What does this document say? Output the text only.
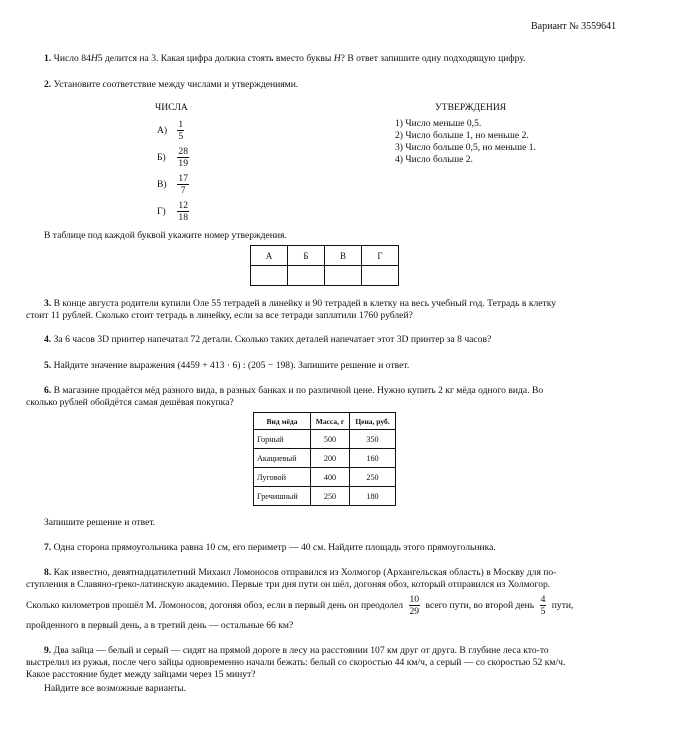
Вариант № 3559641
1. Число 84H5 делится на 3. Какая цифра должна стоять вместо буквы H? В ответ запишите одну подходящую цифру.
2. Установите соответствие между числами и утверждениями.
ЧИСЛА	УТВЕРЖДЕНИЯ
$А) \frac{1}{5}$
$Б) \frac{28}{19}$
$В) \frac{17}{7}$
$Г) \frac{12}{18}$
1) Число меньше 0,5.
2) Число больше 1, но меньше 2.
3) Число больше 0,5, но меньше 1.
4) Число больше 2.
В таблице под каждой буквой укажите номер утверждения.
А	Б	В	Г

3. В конце августа родители купили Оле 55 тетрадей в линейку и 90 тетрадей в клетку на весь учебный год. Тетрадь в клетку
стоит 11 рублей. Сколько стоит тетрадь в линейку, если за все тетради заплатили 1760 рублей?
4. За 6 часов 3D принтер напечатал 72 детали. Сколько таких деталей напечатает этот 3D принтер за 8 часов?
5. Найдите значение выражения (4459 + 413 · 6) : (205 − 198). Запишите решение и ответ.
6. В магазине продаётся мёд разного вида, в разных банках и по различной цене. Нужно купить 2 кг мёда одного вида. Во
сколько рублей обойдётся самая дешёвая покупка?
Вид мёда	Масса, г	Цена, руб.
Горный	500	350
Акациевый	200	160
Луговой	400	250
Гречишный	250	180
Запишите решение и ответ.
7. Одна сторона прямоугольника равна 10 см, его периметр — 40 см. Найдите площадь этого прямоугольника.
8. Как известно, девятнадцатилетний Михаил Ломоносов отправился из Холмогор (Архангельская область) в Москву для по-
ступления в Славяно-греко-латинскую академию. Первые три дня пути он шёл, догоняя обоз, который отправился из Холмогор.
Сколько километров прошёл М. Ломоносов, догоняя обоз, если в первый день он преодолел $\frac{10}{29}$ всего пути, во второй день $\frac{4}{5}$ пути,
пройденного в первый день, а в третий день — остальные 66 км?
9. Два зайца — белый и серый — сидят на прямой дороге в лесу на расстоянии 107 км друг от друга. В глубине леса кто-то
выстрелил из ружья, после чего зайцы одновременно начали бежать: белый со скоростью 44 км/ч, а серый — со скоростью 52 км/ч.
Какое расстояние будет между зайцами через 15 минут?
Найдите все возможные варианты.
